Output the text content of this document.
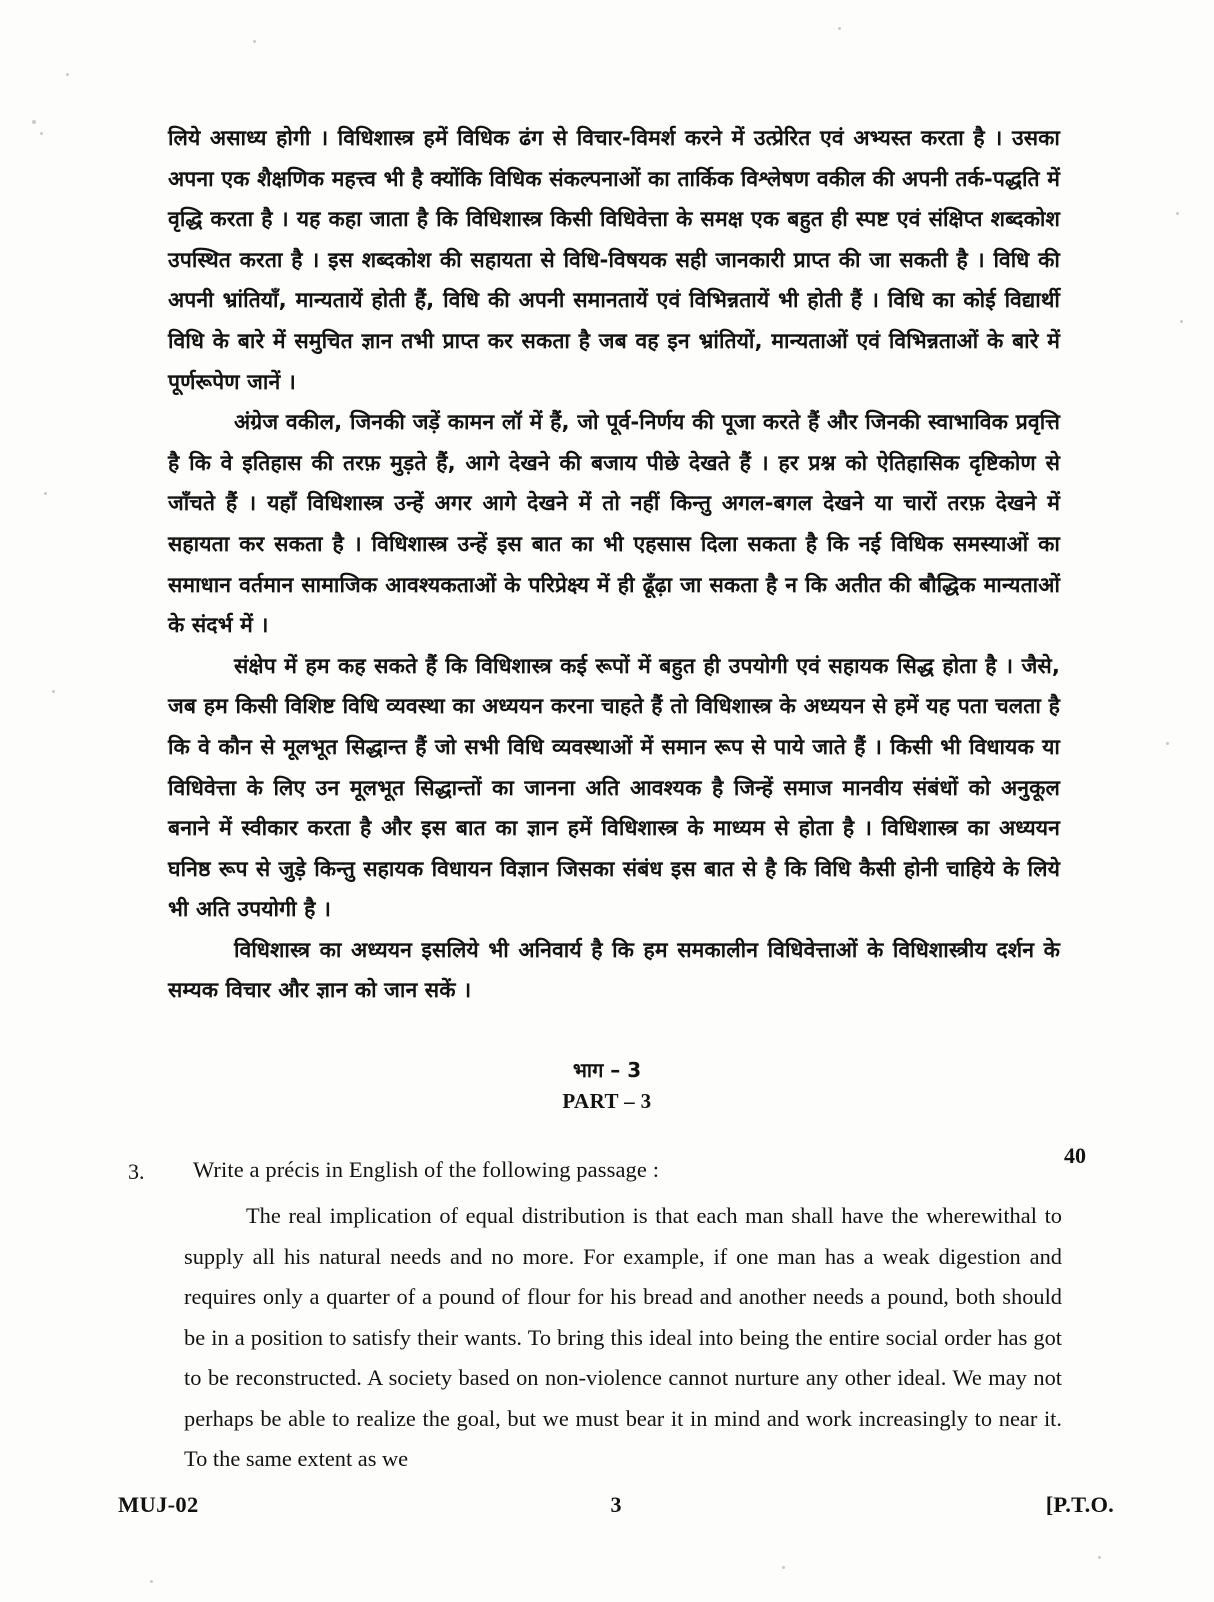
लिये असाध्य होगी । विधिशास्त्र हमें विधिक ढंग से विचार-विमर्श करने में उत्प्रेरित एवं अभ्यस्त करता है । उसका अपना एक शैक्षणिक महत्त्व भी है क्योंकि विधिक संकल्पनाओं का तार्किक विश्लेषण वकील की अपनी तर्क-पद्धति में वृद्धि करता है । यह कहा जाता है कि विधिशास्त्र किसी विधिवेत्ता के समक्ष एक बहुत ही स्पष्ट एवं संक्षिप्त शब्दकोश उपस्थित करता है । इस शब्दकोश की सहायता से विधि-विषयक सही जानकारी प्राप्त की जा सकती है । विधि की अपनी भ्रांतियाँ, मान्यतायें होती हैं, विधि की अपनी समानतायें एवं विभिन्नतायें भी होती हैं । विधि का कोई विद्यार्थी विधि के बारे में समुचित ज्ञान तभी प्राप्त कर सकता है जब वह इन भ्रांतियों, मान्यताओं एवं विभिन्नताओं के बारे में पूर्णरूपेण जानें ।

अंग्रेज वकील, जिनकी जड़ें कामन लॉ में हैं, जो पूर्व-निर्णय की पूजा करते हैं और जिनकी स्वाभाविक प्रवृत्ति है कि वे इतिहास की तरफ़ मुड़ते हैं, आगे देखने की बजाय पीछे देखते हैं । हर प्रश्न को ऐतिहासिक दृष्टिकोण से जाँचते हैं । यहाँ विधिशास्त्र उन्हें अगर आगे देखने में तो नहीं किन्तु अगल-बगल देखने या चारों तरफ़ देखने में सहायता कर सकता है । विधिशास्त्र उन्हें इस बात का भी एहसास दिला सकता है कि नई विधिक समस्याओं का समाधान वर्तमान सामाजिक आवश्यकताओं के परिप्रेक्ष्य में ही ढूँढ़ा जा सकता है न कि अतीत की बौद्धिक मान्यताओं के संदर्भ में ।

संक्षेप में हम कह सकते हैं कि विधिशास्त्र कई रूपों में बहुत ही उपयोगी एवं सहायक सिद्ध होता है । जैसे, जब हम किसी विशिष्ट विधि व्यवस्था का अध्ययन करना चाहते हैं तो विधिशास्त्र के अध्ययन से हमें यह पता चलता है कि वे कौन से मूलभूत सिद्धान्त हैं जो सभी विधि व्यवस्थाओं में समान रूप से पाये जाते हैं । किसी भी विधायक या विधिवेत्ता के लिए उन मूलभूत सिद्धान्तों का जानना अति आवश्यक है जिन्हें समाज मानवीय संबंधों को अनुकूल बनाने में स्वीकार करता है और इस बात का ज्ञान हमें विधिशास्त्र के माध्यम से होता है । विधिशास्त्र का अध्ययन घनिष्ठ रूप से जुड़े किन्तु सहायक विधायन विज्ञान जिसका संबंध इस बात से है कि विधि कैसी होनी चाहिये के लिये भी अति उपयोगी है ।

विधिशास्त्र का अध्ययन इसलिये भी अनिवार्य है कि हम समकालीन विधिवेत्ताओं के विधिशास्त्रीय दर्शन के सम्यक विचार और ज्ञान को जान सकें ।

भाग – 3
PART – 3
3. Write a précis in English of the following passage :
40
The real implication of equal distribution is that each man shall have the wherewithal to supply all his natural needs and no more. For example, if one man has a weak digestion and requires only a quarter of a pound of flour for his bread and another needs a pound, both should be in a position to satisfy their wants. To bring this ideal into being the entire social order has got to be reconstructed. A society based on non-violence cannot nurture any other ideal. We may not perhaps be able to realize the goal, but we must bear it in mind and work increasingly to near it. To the same extent as we
MUJ-02	3	[P.T.O.
